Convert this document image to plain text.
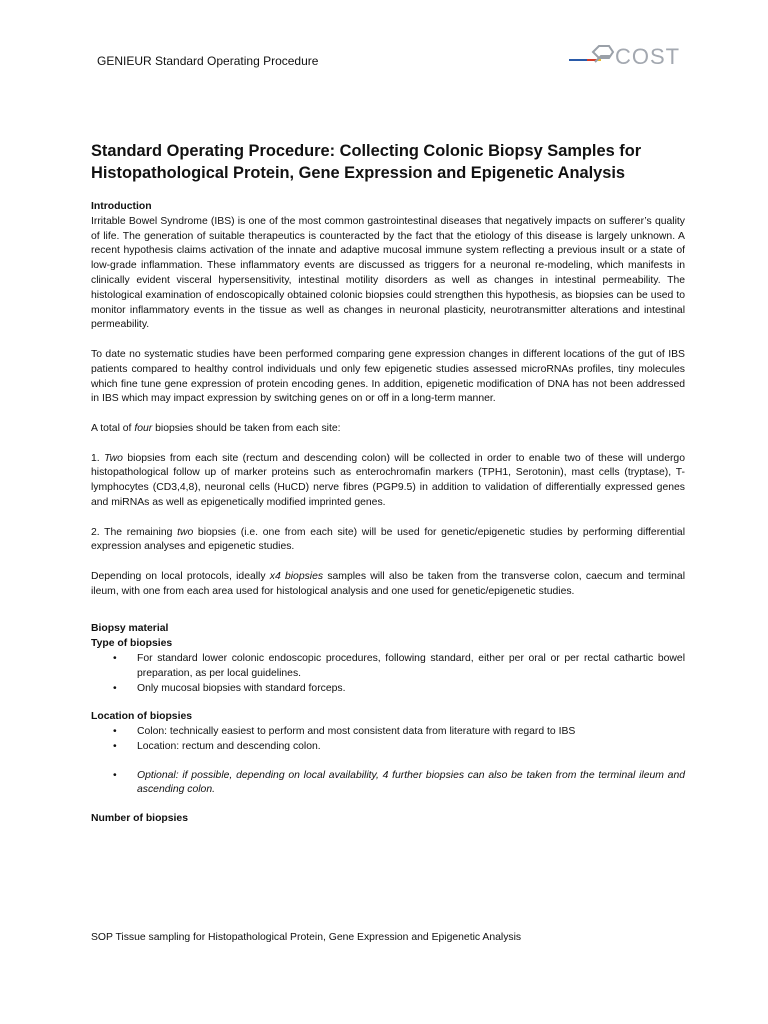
GENIEUR Standard Operating Procedure	COST
Standard Operating Procedure: Collecting Colonic Biopsy Samples for Histopathological Protein, Gene Expression and Epigenetic Analysis
Introduction

Irritable Bowel Syndrome (IBS) is one of the most common gastrointestinal diseases that negatively impacts on sufferer’s quality of life. The generation of suitable therapeutics is counteracted by the fact that the etiology of this disease is largely unknown. A recent hypothesis claims activation of the innate and adaptive mucosal immune system reflecting a previous insult or a state of low-grade inflammation. These inflammatory events are discussed as triggers for a neuronal re-modeling, which manifests in clinically evident visceral hypersensitivity, intestinal motility disorders as well as changes in intestinal permeability. The histological examination of endoscopically obtained colonic biopsies could strengthen this hypothesis, as biopsies can be used to monitor inflammatory events in the tissue as well as changes in neuronal plasticity, neurotransmitter alterations and intestinal permeability.

To date no systematic studies have been performed comparing gene expression changes in different locations of the gut of IBS patients compared to healthy control individuals und only few epigenetic studies assessed microRNAs profiles, tiny molecules which fine tune gene expression of protein encoding genes. In addition, epigenetic modification of DNA has not been addressed in IBS which may impact expression by switching genes on or off in a long-term manner.

A total of four biopsies should be taken from each site:

1. Two biopsies from each site (rectum and descending colon) will be collected in order to enable two of these will undergo histopathological follow up of marker proteins such as enterochromafin markers (TPH1, Serotonin), mast cells (tryptase), T-lymphocytes (CD3,4,8), neuronal cells (HuCD) nerve fibres (PGP9.5) in addition to validation of differentially expressed genes and miRNAs as well as epigenetically modified imprinted genes.

2. The remaining two biopsies (i.e. one from each site) will be used for genetic/epigenetic studies by performing differential expression analyses and epigenetic studies.

Depending on local protocols, ideally x4 biopsies samples will also be taken from the transverse colon, caecum and terminal ileum, with one from each area used for histological analysis and one used for genetic/epigenetic studies.

Biopsy material
Type of biopsies
• For standard lower colonic endoscopic procedures, following standard, either per oral or per rectal cathartic bowel preparation, as per local guidelines.
• Only mucosal biopsies with standard forceps.
Location of biopsies
• Colon: technically easiest to perform and most consistent data from literature with regard to IBS
• Location: rectum and descending colon.
• Optional: if possible, depending on local availability, 4 further biopsies can also be taken from the terminal ileum and ascending colon.
Number of biopsies
SOP Tissue sampling for Histopathological Protein, Gene Expression and Epigenetic Analysis
